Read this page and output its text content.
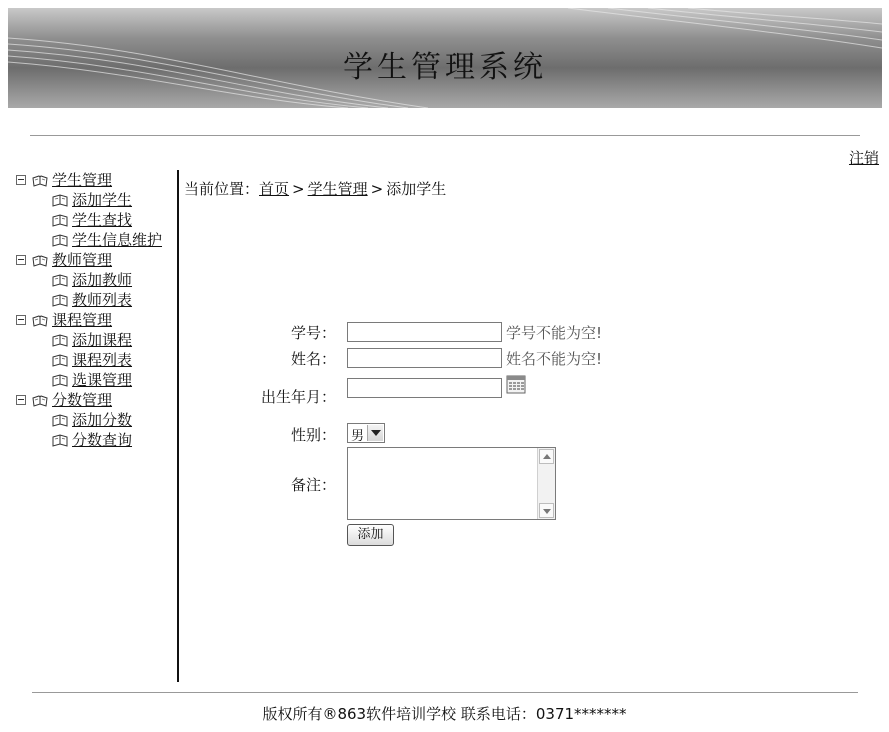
学生管理系统
注销
学生管理
添加学生
学生查找
学生信息维护
教师管理
添加教师
教师列表
课程管理
添加课程
课程列表
选课管理
分数管理
添加分数
分数查询
当前位置：首页 > 学生管理 > 添加学生
学号：	学号不能为空!
姓名：	姓名不能为空!
出生年月：
性别： 男
备注：
添加
版权所有®863软件培训学校 联系电话：0371*******
